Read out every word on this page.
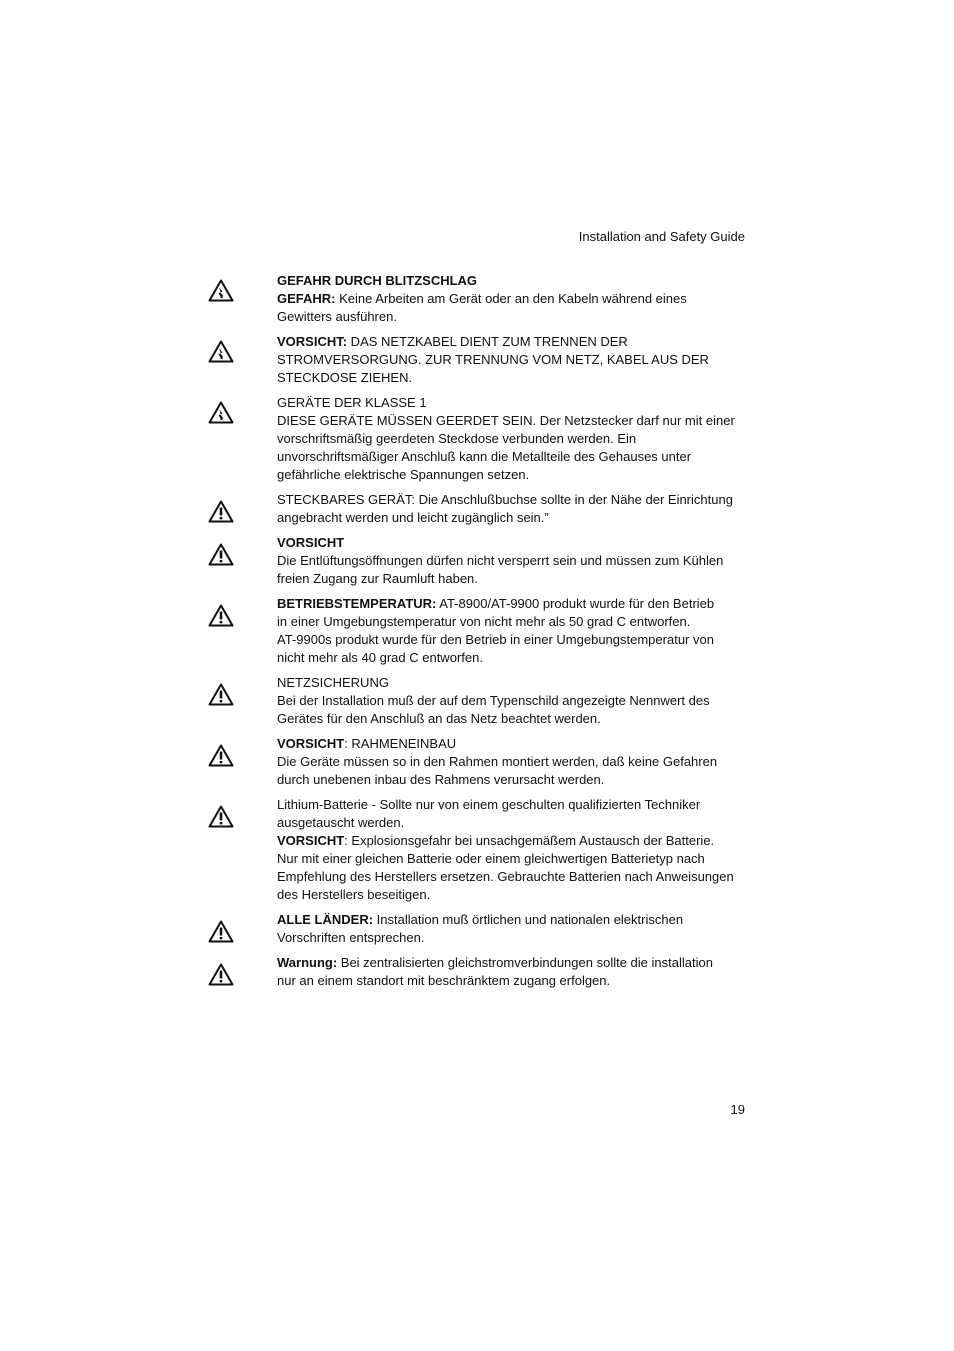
Installation and Safety Guide
GEFAHR DURCH BLITZSCHLAG
GEFAHR: Keine Arbeiten am Gerät oder an den Kabeln während eines
Gewitters ausführen.
VORSICHT: DAS NETZKABEL DIENT ZUM TRENNEN DER
STROMVERSORGUNG. ZUR TRENNUNG VOM NETZ, KABEL AUS DER
STECKDOSE ZIEHEN.
GERÄTE DER KLASSE 1
DIESE GERÄTE MÜSSEN GEERDET SEIN. Der Netzstecker darf nur mit einer
vorschriftsmäßig geerdeten Steckdose verbunden werden. Ein
unvorschriftsmäßiger Anschluß kann die Metallteile des Gehauses unter
gefährliche elektrische Spannungen setzen.
STECKBARES GERÄT: Die Anschlußbuchse sollte in der Nähe der Einrichtung
angebracht werden und leicht zugänglich sein.”
VORSICHT
Die Entlüftungsöffnungen dürfen nicht versperrt sein und müssen zum Kühlen
freien Zugang zur Raumluft haben.
BETRIEBSTEMPERATUR: AT-8900/AT-9900 produkt wurde für den Betrieb
in einer Umgebungstemperatur von nicht mehr als 50 grad C entworfen.
AT-9900s produkt wurde für den Betrieb in einer Umgebungstemperatur von
nicht mehr als 40 grad C entworfen.
NETZSICHERUNG
Bei der Installation muß der auf dem Typenschild angezeigte Nennwert des
Gerätes für den Anschluß an das Netz beachtet werden.
VORSICHT: RAHMENEINBAU
Die Geräte müssen so in den Rahmen montiert werden, daß keine Gefahren
durch unebenen inbau des Rahmens verursacht werden.
Lithium-Batterie - Sollte nur von einem geschulten qualifizierten Techniker
ausgetauscht werden.
VORSICHT: Explosionsgefahr bei unsachgemäßem Austausch der Batterie.
Nur mit einer gleichen Batterie oder einem gleichwertigen Batterietyp nach
Empfehlung des Herstellers ersetzen. Gebrauchte Batterien nach Anweisungen
des Herstellers beseitigen.
ALLE LÄNDER: Installation muß örtlichen und nationalen elektrischen
Vorschriften entsprechen.
Warnung: Bei zentralisierten gleichstromverbindungen sollte die installation
nur an einem standort mit beschränktem zugang erfolgen.
19
